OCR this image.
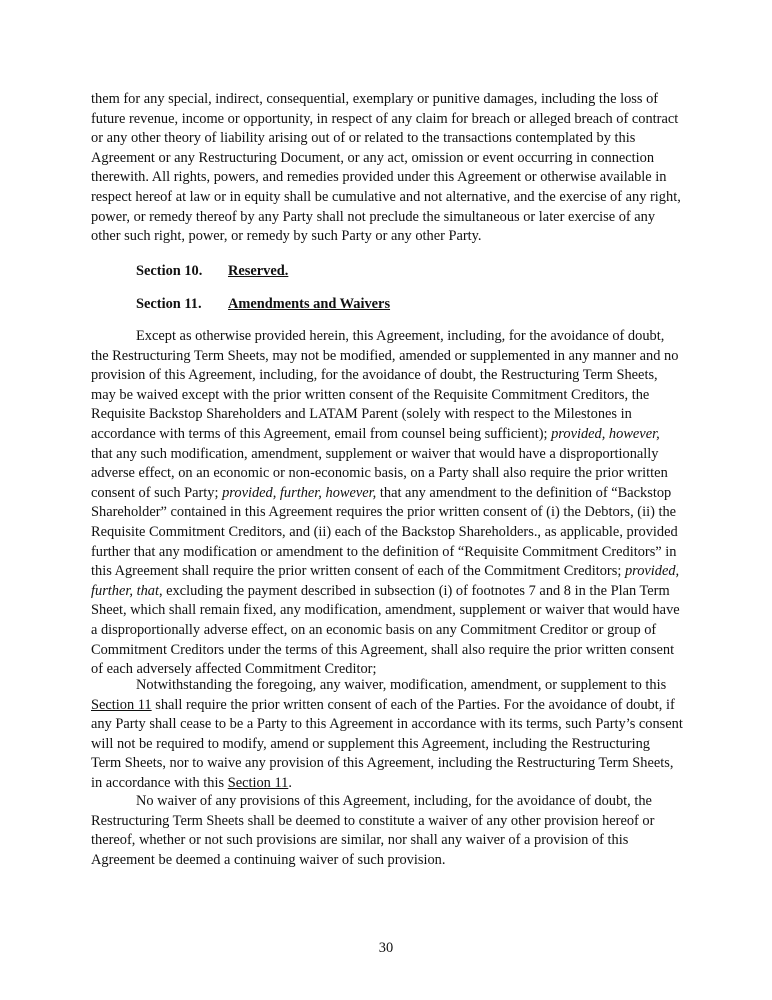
them for any special, indirect, consequential, exemplary or punitive damages, including the loss of future revenue, income or opportunity, in respect of any claim for breach or alleged breach of contract or any other theory of liability arising out of or related to the transactions contemplated by this Agreement or any Restructuring Document, or any act, omission or event occurring in connection therewith. All rights, powers, and remedies provided under this Agreement or otherwise available in respect hereof at law or in equity shall be cumulative and not alternative, and the exercise of any right, power, or remedy thereof by any Party shall not preclude the simultaneous or later exercise of any other such right, power, or remedy by such Party or any other Party.

Section 10. Reserved.
Section 11. Amendments and Waivers

Except as otherwise provided herein, this Agreement, including, for the avoidance of doubt, the Restructuring Term Sheets, may not be modified, amended or supplemented in any manner and no provision of this Agreement, including, for the avoidance of doubt, the Restructuring Term Sheets, may be waived except with the prior written consent of the Requisite Commitment Creditors, the Requisite Backstop Shareholders and LATAM Parent (solely with respect to the Milestones in accordance with terms of this Agreement, email from counsel being sufficient); provided, however, that any such modification, amendment, supplement or waiver that would have a disproportionally adverse effect, on an economic or non-economic basis, on a Party shall also require the prior written consent of such Party; provided, further, however, that any amendment to the definition of “Backstop Shareholder” contained in this Agreement requires the prior written consent of (i) the Debtors, (ii) the Requisite Commitment Creditors, and (ii) each of the Backstop Shareholders., as applicable, provided further that any modification or amendment to the definition of “Requisite Commitment Creditors” in this Agreement shall require the prior written consent of each of the Commitment Creditors; provided, further, that, excluding the payment described in subsection (i) of footnotes 7 and 8 in the Plan Term Sheet, which shall remain fixed, any modification, amendment, supplement or waiver that would have a disproportionally adverse effect, on an economic basis on any Commitment Creditor or group of Commitment Creditors under the terms of this Agreement, shall also require the prior written consent of each adversely affected Commitment Creditor;

Notwithstanding the foregoing, any waiver, modification, amendment, or supplement to this Section 11 shall require the prior written consent of each of the Parties. For the avoidance of doubt, if any Party shall cease to be a Party to this Agreement in accordance with its terms, such Party’s consent will not be required to modify, amend or supplement this Agreement, including the Restructuring Term Sheets, nor to waive any provision of this Agreement, including the Restructuring Term Sheets, in accordance with this Section 11.

No waiver of any provisions of this Agreement, including, for the avoidance of doubt, the Restructuring Term Sheets shall be deemed to constitute a waiver of any other provision hereof or thereof, whether or not such provisions are similar, nor shall any waiver of a provision of this Agreement be deemed a continuing waiver of such provision.

30
